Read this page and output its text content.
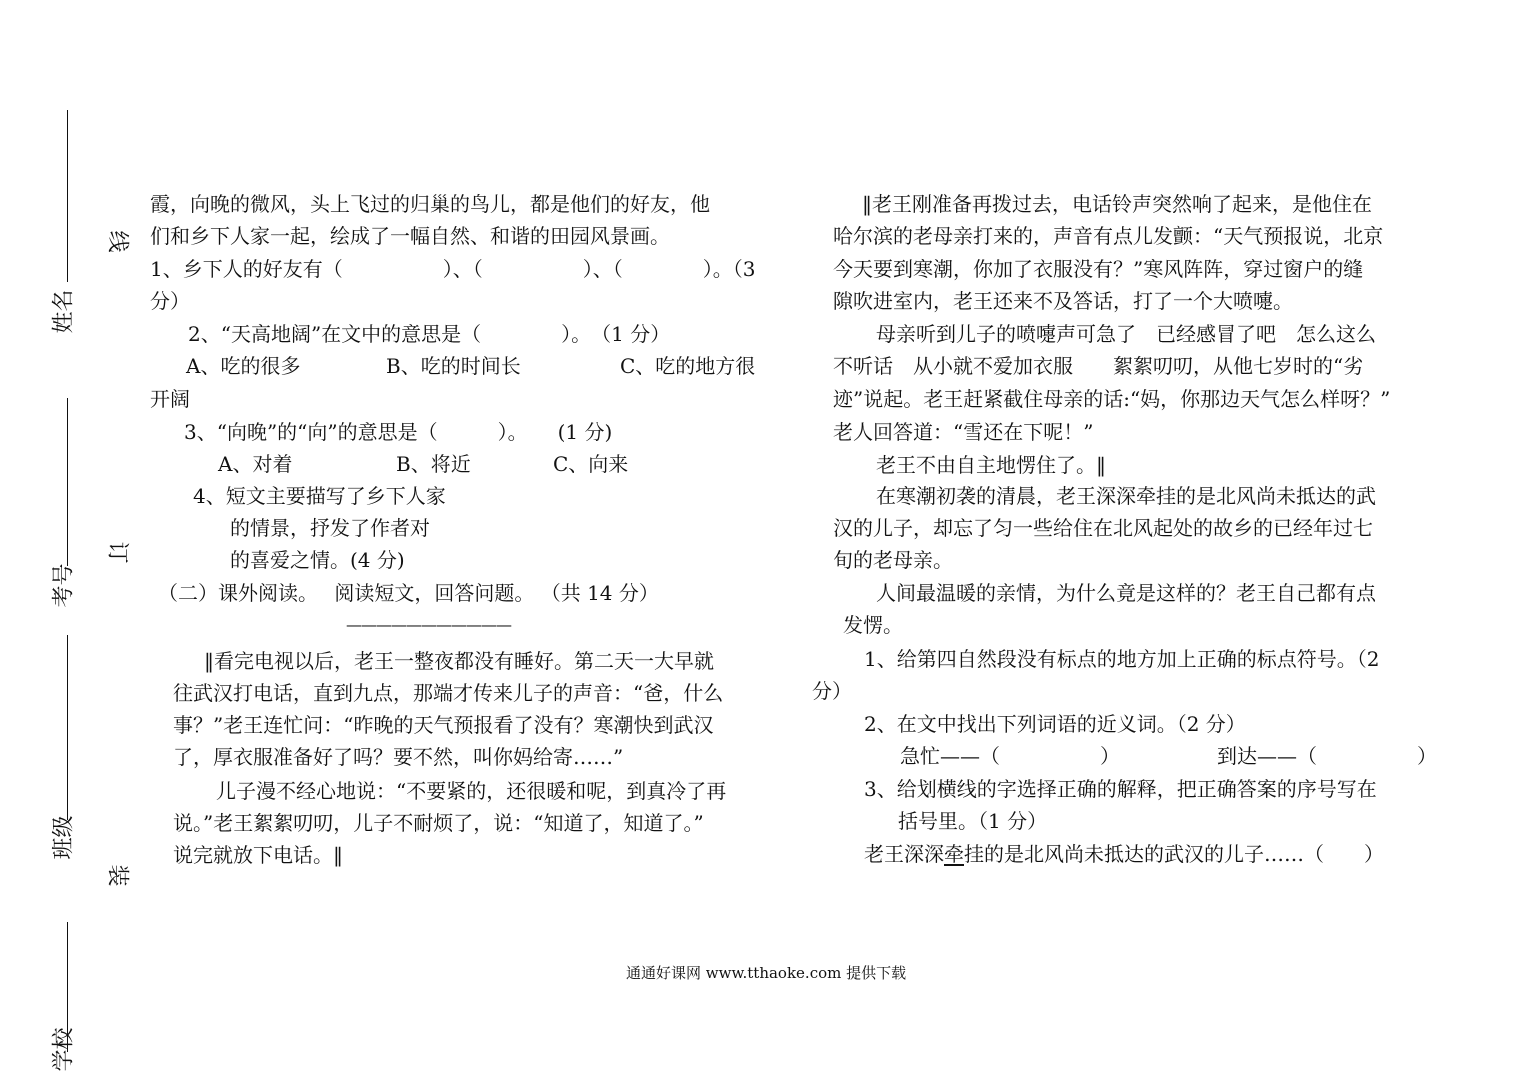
姓名
考号
班级
学校
线
订
装
霞，向晚的微风，头上飞过的归巢的鸟儿，都是他们的好友，他
们和乡下人家一起，绘成了一幅自然、和谐的田园风景画。
1、乡下人的好友有（　　　　　）、（　　　　　）、（　　　　）。（3
分）
2、“天高地阔”在文中的意思是（　　　　）。　（1 分）
A、吃的很多	B、吃的时间长	C、吃的地方很
开阔
3、“向晚”的“向”的意思是（　　　）。　　(1 分)
A、对着	B、将近	C、向来
4、短文主要描写了乡下人家
的情景，抒发了作者对
的喜爱之情。(4 分)
（二）课外阅读。　 阅读短文，回答问题。 （共 14 分）
———————————
‖看完电视以后，老王一整夜都没有睡好。第二天一大早就
往武汉打电话，直到九点，那端才传来儿子的声音：“爸，什么
事？”老王连忙问：“昨晚的天气预报看了没有？寒潮快到武汉
了，厚衣服准备好了吗？要不然，叫你妈给寄……”
儿子漫不经心地说：“不要紧的，还很暖和呢，到真冷了再
说。”老王絮絮叨叨，儿子不耐烦了，说：“知道了，知道了。”
说完就放下电话。‖
‖老王刚准备再拨过去，电话铃声突然响了起来，是他住在
哈尔滨的老母亲打来的，声音有点儿发颤：“天气预报说，北京
今天要到寒潮，你加了衣服没有？”寒风阵阵，穿过窗户的缝
隙吹进室内，老王还来不及答话，打了一个大喷嚏。
母亲听到儿子的喷嚏声可急了　已经感冒了吧　怎么这么
不听话　从小就不爱加衣服　　絮絮叨叨，从他七岁时的“劣
迹”说起。老王赶紧截住母亲的话:“妈，你那边天气怎么样呀？”
老人回答道：“雪还在下呢！”
老王不由自主地愣住了。‖
在寒潮初袭的清晨，老王深深牵挂的是北风尚未抵达的武
汉的儿子，却忘了匀一些给住在北风起处的故乡的已经年过七
旬的老母亲。
人间最温暖的亲情，为什么竟是这样的？老王自己都有点
发愣。
1、给第四自然段没有标点的地方加上正确的标点符号。（2
分）
2、在文中找出下列词语的近义词。（2 分）
急忙——（　　　　　）	到达——（　　　　　）
3、给划横线的字选择正确的解释，把正确答案的序号写在
括号里。（1 分）
老王深深牵挂的是北风尚未抵达的武汉的儿子……（　　）
通通好课网 www.tthaoke.com 提供下载
